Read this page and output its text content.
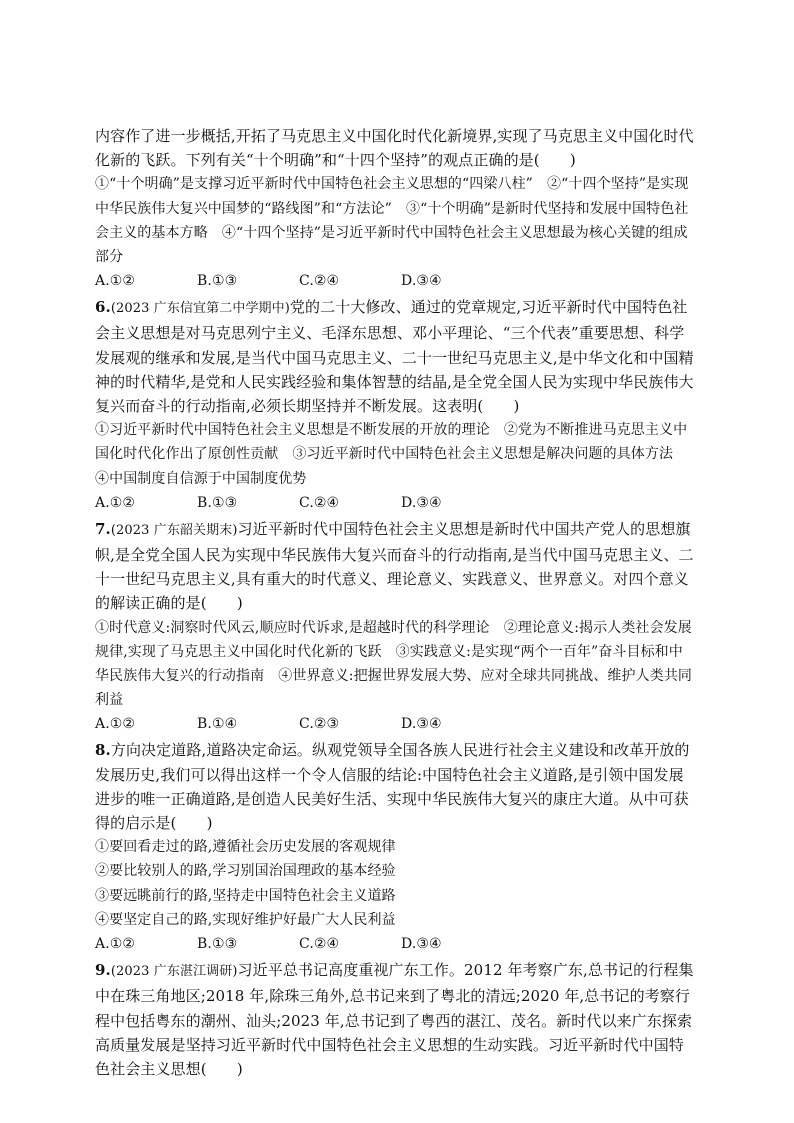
内容作了进一步概括,开拓了马克思主义中国化时代化新境界,实现了马克思主义中国化时代化新的飞跃。下列有关“十个明确”和“十四个坚持”的观点正确的是(　　)

①“十个明确”是支撑习近平新时代中国特色社会主义思想的“四梁八柱”　②“十四个坚持”是实现中华民族伟大复兴中国梦的“路线图”和“方法论”　③“十个明确”是新时代坚持和发展中国特色社会主义的基本方略　④“十四个坚持”是习近平新时代中国特色社会主义思想最为核心关键的组成部分

A.①②	B.①③	C.②④	D.③④

6.(2023 广东信宜第二中学期中)党的二十大修改、通过的党章规定,习近平新时代中国特色社会主义思想是对马克思列宁主义、毛泽东思想、邓小平理论、“三个代表”重要思想、科学发展观的继承和发展,是当代中国马克思主义、二十一世纪马克思主义,是中华文化和中国精神的时代精华,是党和人民实践经验和集体智慧的结晶,是全党全国人民为实现中华民族伟大复兴而奋斗的行动指南,必须长期坚持并不断发展。这表明(　　)

①习近平新时代中国特色社会主义思想是不断发展的开放的理论　②党为不断推进马克思主义中国化时代化作出了原创性贡献　③习近平新时代中国特色社会主义思想是解决问题的具体方法

④中国制度自信源于中国制度优势

A.①②	B.①③	C.②④	D.③④

7.(2023 广东韶关期末)习近平新时代中国特色社会主义思想是新时代中国共产党人的思想旗帜,是全党全国人民为实现中华民族伟大复兴而奋斗的行动指南,是当代中国马克思主义、二十一世纪马克思主义,具有重大的时代意义、理论意义、实践意义、世界意义。对四个意义的解读正确的是(　　)

①时代意义:洞察时代风云,顺应时代诉求,是超越时代的科学理论　②理论意义:揭示人类社会发展规律,实现了马克思主义中国化时代化新的飞跃　③实践意义:是实现“两个一百年”奋斗目标和中华民族伟大复兴的行动指南　④世界意义:把握世界发展大势、应对全球共同挑战、维护人类共同利益

A.①②	B.①④	C.②③	D.③④

8.方向决定道路,道路决定命运。纵观党领导全国各族人民进行社会主义建设和改革开放的发展历史,我们可以得出这样一个令人信服的结论:中国特色社会主义道路,是引领中国发展进步的唯一正确道路,是创造人民美好生活、实现中华民族伟大复兴的康庄大道。从中可获得的启示是(　　)

①要回看走过的路,遵循社会历史发展的客观规律

②要比较别人的路,学习别国治国理政的基本经验

③要远眺前行的路,坚持走中国特色社会主义道路

④要坚定自己的路,实现好维护好最广大人民利益

A.①②	B.①③	C.②④	D.③④

9.(2023 广东湛江调研)习近平总书记高度重视广东工作。2012 年考察广东,总书记的行程集中在珠三角地区;2018 年,除珠三角外,总书记来到了粤北的清远;2020 年,总书记的考察行程中包括粤东的潮州、汕头;2023 年,总书记到了粤西的湛江、茂名。新时代以来广东探索高质量发展是坚持习近平新时代中国特色社会主义思想的生动实践。习近平新时代中国特色社会主义思想(　　)
